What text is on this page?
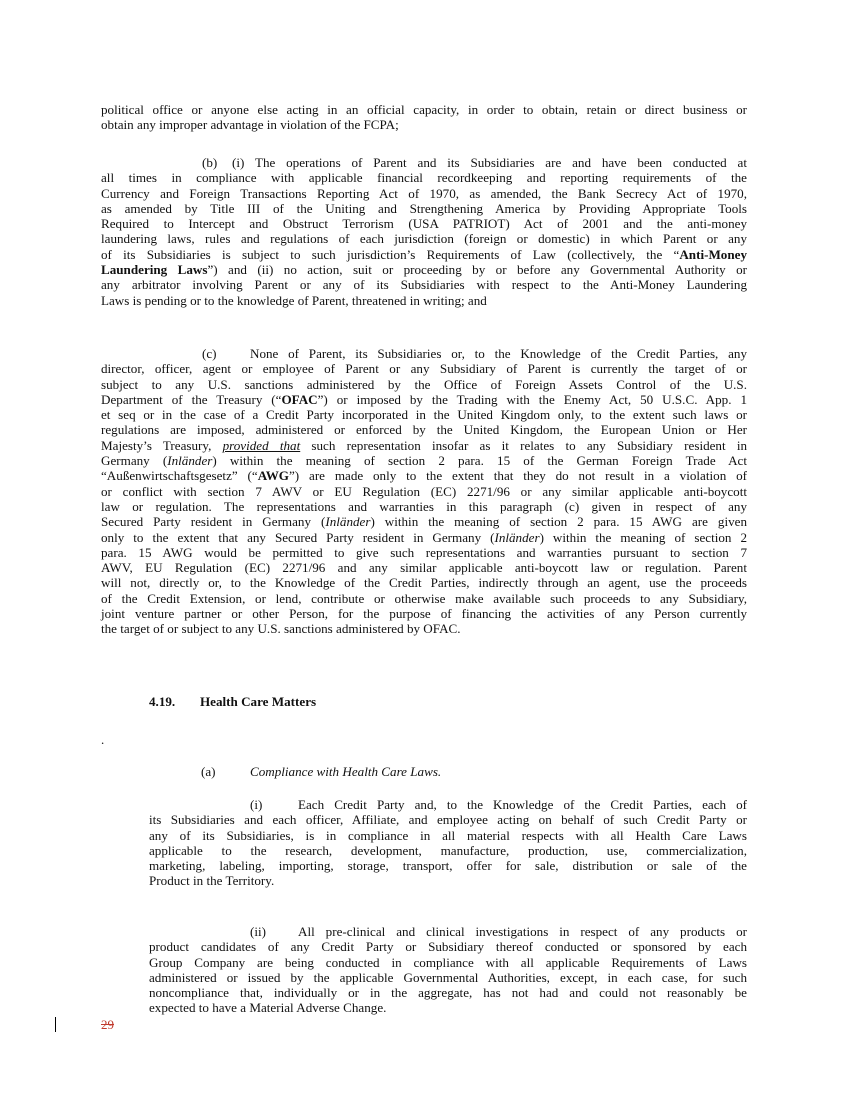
political office or anyone else acting in an official capacity, in order to obtain, retain or direct business or
obtain any improper advantage in violation of the FCPA;
(b) (i) The operations of Parent and its Subsidiaries are and have been conducted at
all times in compliance with applicable financial recordkeeping and reporting requirements of the
Currency and Foreign Transactions Reporting Act of 1970, as amended, the Bank Secrecy Act of 1970,
as amended by Title III of the Uniting and Strengthening America by Providing Appropriate Tools
Required to Intercept and Obstruct Terrorism (USA PATRIOT) Act of 2001 and the anti-money
laundering laws, rules and regulations of each jurisdiction (foreign or domestic) in which Parent or any
of its Subsidiaries is subject to such jurisdiction’s Requirements of Law (collectively, the “Anti-Money
Laundering Laws”) and (ii) no action, suit or proceeding by or before any Governmental Authority or
any arbitrator involving Parent or any of its Subsidiaries with respect to the Anti-Money Laundering
Laws is pending or to the knowledge of Parent, threatened in writing; and
(c)	None of Parent, its Subsidiaries or, to the Knowledge of the Credit Parties, any
director, officer, agent or employee of Parent or any Subsidiary of Parent is currently the target of or
subject to any U.S. sanctions administered by the Office of Foreign Assets Control of the U.S.
Department of the Treasury (“OFAC”) or imposed by the Trading with the Enemy Act, 50 U.S.C. App. 1
et seq or in the case of a Credit Party incorporated in the United Kingdom only, to the extent such laws or
regulations are imposed, administered or enforced by the United Kingdom, the European Union or Her
Majesty’s Treasury, provided that such representation insofar as it relates to any Subsidiary resident in
Germany (Inländer) within the meaning of section 2 para. 15 of the German Foreign Trade Act
“Außenwirtschaftsgesetz” (“AWG”) are made only to the extent that they do not result in a violation of
or conflict with section 7 AWV or EU Regulation (EC) 2271/96 or any similar applicable anti-boycott
law or regulation. The representations and warranties in this paragraph (c) given in respect of any
Secured Party resident in Germany (Inländer) within the meaning of section 2 para. 15 AWG are given
only to the extent that any Secured Party resident in Germany (Inländer) within the meaning of section 2
para. 15 AWG would be permitted to give such representations and warranties pursuant to section 7
AWV, EU Regulation (EC) 2271/96 and any similar applicable anti-boycott law or regulation. Parent
will not, directly or, to the Knowledge of the Credit Parties, indirectly through an agent, use the proceeds
of the Credit Extension, or lend, contribute or otherwise make available such proceeds to any Subsidiary,
joint venture partner or other Person, for the purpose of financing the activities of any Person currently
the target of or subject to any U.S. sanctions administered by OFAC.
4.19. Health Care Matters
.
(a)	Compliance with Health Care Laws.
(i)	Each Credit Party and, to the Knowledge of the Credit Parties, each of
its Subsidiaries and each officer, Affiliate, and employee acting on behalf of such Credit Party or
any of its Subsidiaries, is in compliance in all material respects with all Health Care Laws
applicable to the research, development, manufacture, production, use, commercialization,
marketing, labeling, importing, storage, transport, offer for sale, distribution or sale of the
Product in the Territory.
(ii) All pre-clinical and clinical investigations in respect of any products or
product candidates of any Credit Party or Subsidiary thereof conducted or sponsored by each
Group Company are being conducted in compliance with all applicable Requirements of Laws
administered or issued by the applicable Governmental Authorities, except, in each case, for such
noncompliance that, individually or in the aggregate, has not had and could not reasonably be
expected to have a Material Adverse Change.
29
